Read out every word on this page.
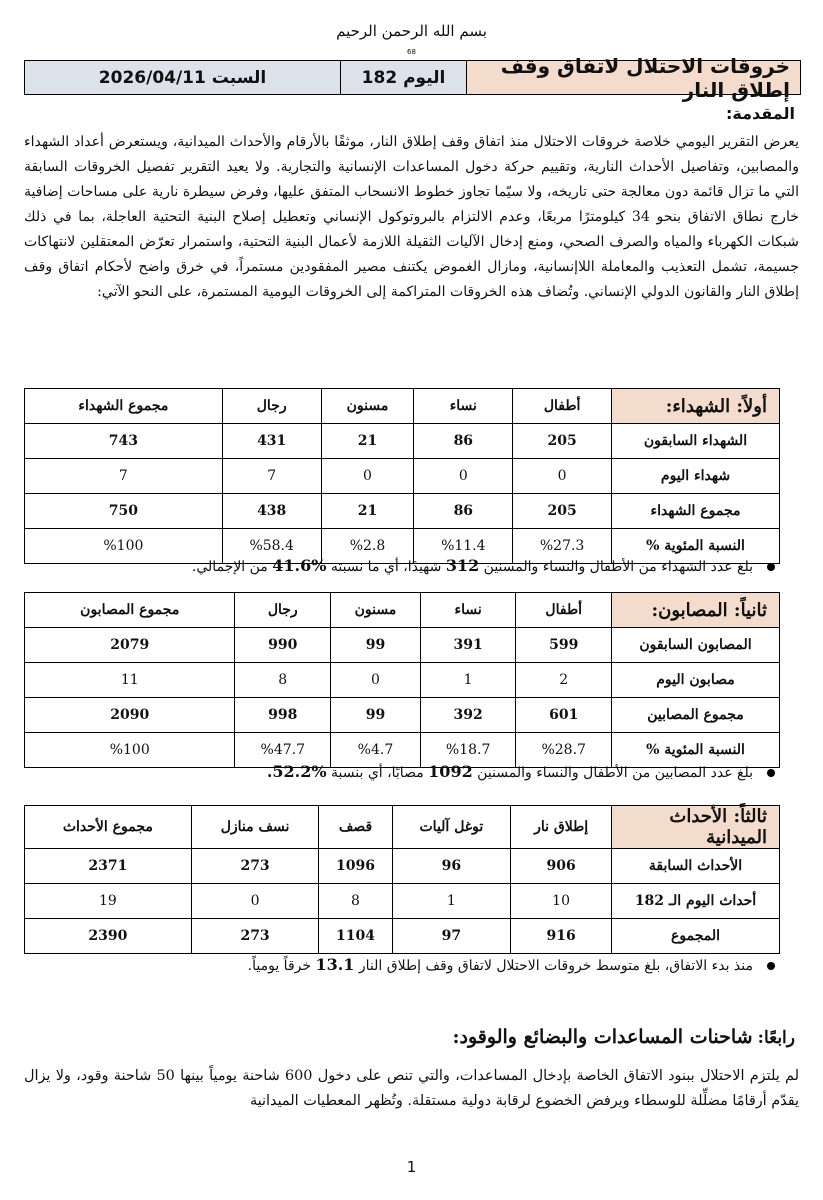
بسم الله الرحمن الرحيم
68
خروقات الاحتلال لاتفاق وقف إطلاق النار
اليوم 182
السبت 2026/04/11
المقدمة:
يعرض التقرير اليومي خلاصة خروقات الاحتلال منذ اتفاق وقف إطلاق النار، موثقًا بالأرقام والأحداث الميدانية، ويستعرض أعداد الشهداء والمصابين، وتفاصيل الأحداث النارية، وتقييم حركة دخول المساعدات الإنسانية والتجارية. ولا يعيد التقرير تفصيل الخروقات السابقة التي ما تزال قائمة دون معالجة حتى تاريخه، ولا سيّما تجاوز خطوط الانسحاب المتفق عليها، وفرض سيطرة نارية على مساحات إضافية خارج نطاق الاتفاق بنحو 34 كيلومترًا مربعًا، وعدم الالتزام بالبروتوكول الإنساني وتعطيل إصلاح البنية التحتية العاجلة، بما في ذلك شبكات الكهرباء والمياه والصرف الصحي، ومنع إدخال الآليات الثقيلة اللازمة لأعمال البنية التحتية، واستمرار تعرّض المعتقلين لانتهاكات جسيمة، تشمل التعذيب والمعاملة اللاإنسانية، ومازال الغموض يكتنف مصير المفقودين مستمراً، في خرق واضح لأحكام اتفاق وقف إطلاق النار والقانون الدولي الإنساني. وتُضاف هذه الخروقات المتراكمة إلى الخروقات اليومية المستمرة، على النحو الآتي:
أولاً: الشهداء:	أطفال	نساء	مسنون	رجال	مجموع الشهداء
الشهداء السابقون	205	86	21	431	743
شهداء اليوم	0	0	0	7	7
مجموع الشهداء	205	86	21	438	750
النسبة المئوية %	%27.3	%11.4	%2.8	%58.4	%100
بلغ عدد الشهداء من الأطفال والنساء والمسنين 312 شهيدًا، أي ما نسبته %41.6 من الإجمالي.
ثانياً: المصابون:	أطفال	نساء	مسنون	رجال	مجموع المصابون
المصابون السابقون	599	391	99	990	2079
مصابون اليوم	2	1	0	8	11
مجموع المصابين	601	392	99	998	2090
النسبة المئوية %	%28.7	%18.7	%4.7	%47.7	%100
بلغ عدد المصابين من الأطفال والنساء والمسنين 1092 مصابًا، أي بنسبة %52.2.
ثالثاً: الأحداث الميدانية	إطلاق نار	توغل آليات	قصف	نسف منازل	مجموع الأحداث
الأحداث السابقة	906	96	1096	273	2371
أحداث اليوم الـ 182	10	1	8	0	19
المجموع	916	97	1104	273	2390
منذ بدء الاتفاق، بلغ متوسط خروقات الاحتلال لاتفاق وقف إطلاق النار 13.1 خرقاً يومياً.
رابعًا: شاحنات المساعدات والبضائع والوقود:
لم يلتزم الاحتلال ببنود الاتفاق الخاصة بإدخال المساعدات، والتي تنص على دخول 600 شاحنة يومياً بينها 50 شاحنة وقود، ولا يزال يقدّم أرقامًا مضلِّلة للوسطاء ويرفض الخضوع لرقابة دولية مستقلة. وتُظهر المعطيات الميدانية
1
